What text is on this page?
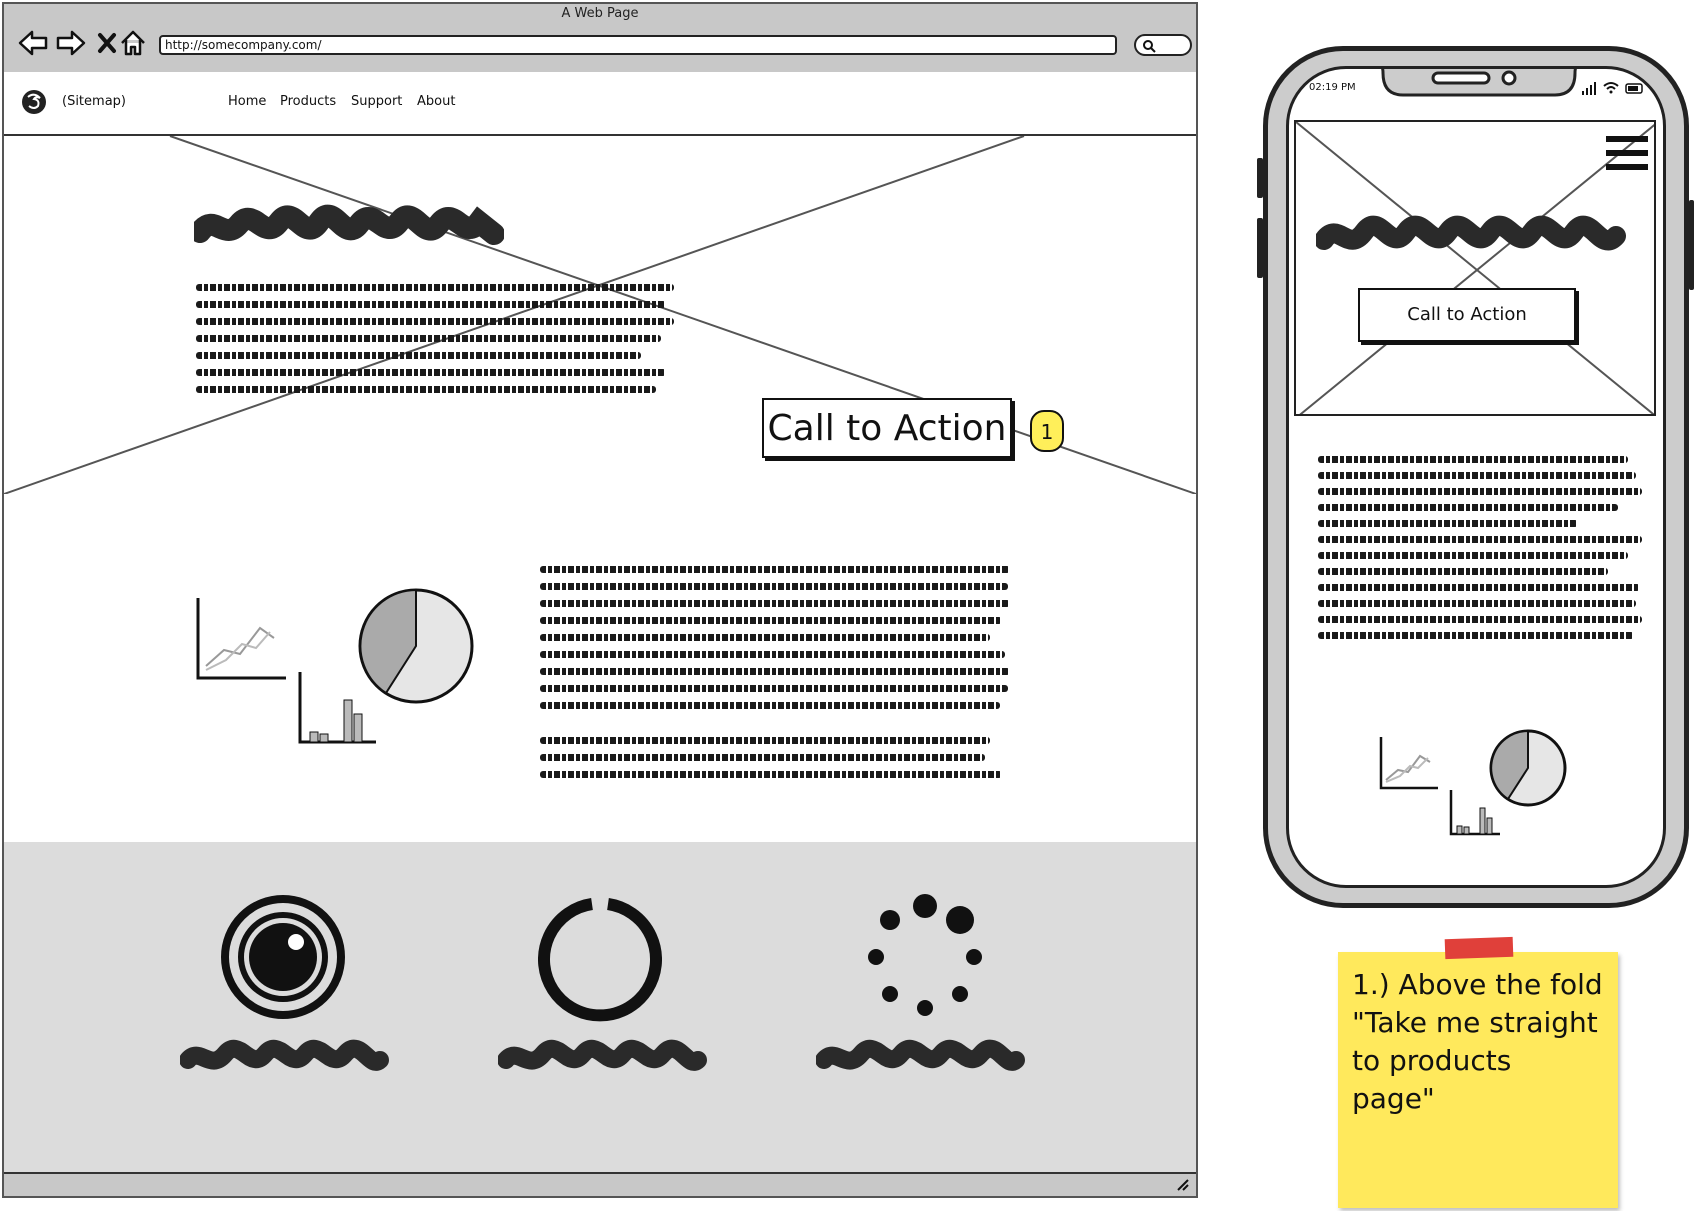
A Web Page
http://somecompany.com/
(Sitemap)	Home Products Support About
Call to Action	1
02:19 PM
Call to Action
1.) Above the fold
"Take me straight
to products
page"
